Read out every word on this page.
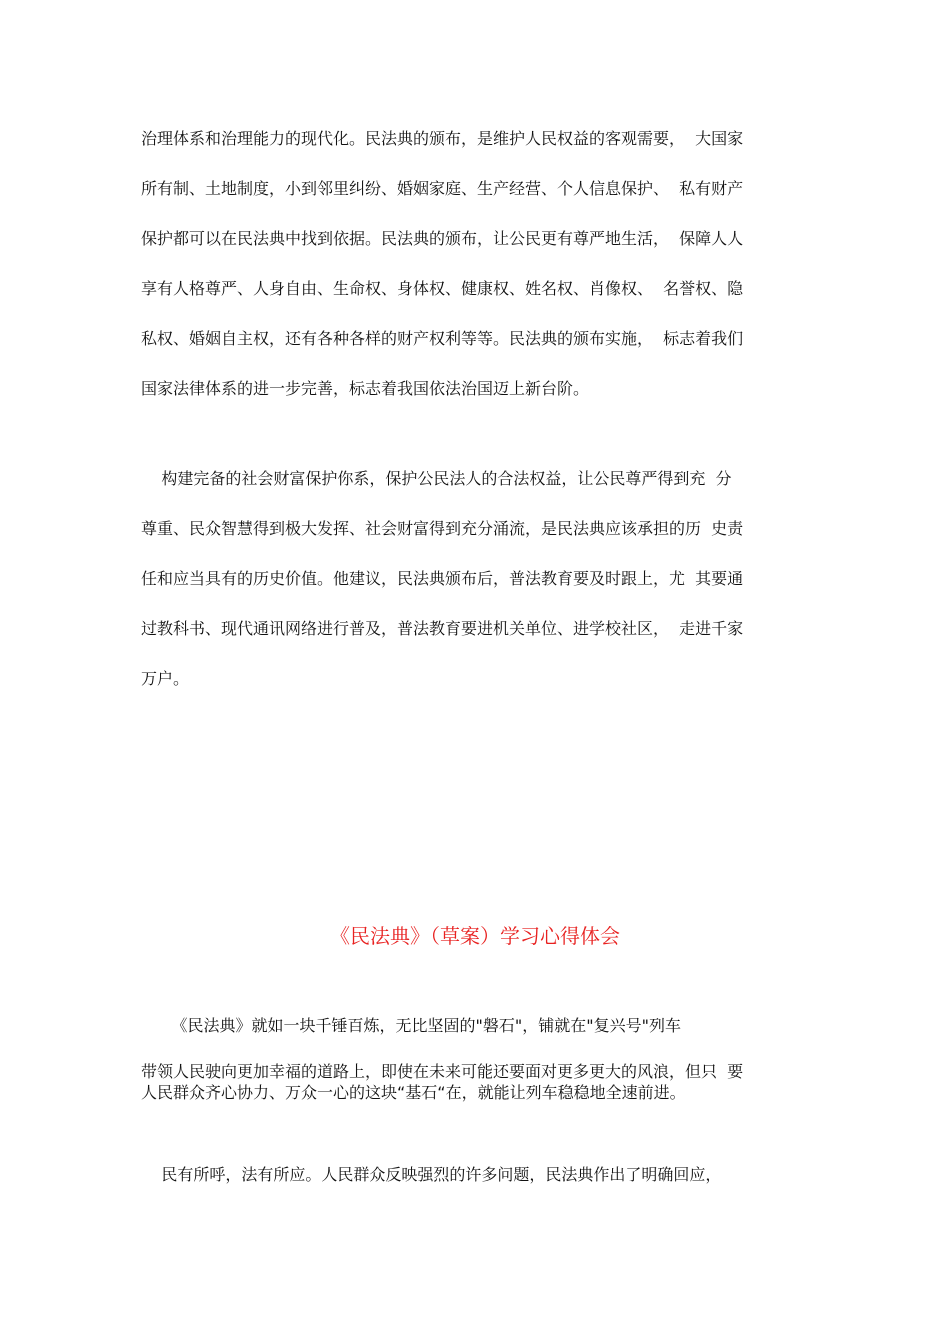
治理体系和治理能力的现代化。民法典的颁布，是维护人民权益的客观需要，  大国家
所有制、土地制度，小到邻里纠纷、婚姻家庭、生产经营、个人信息保护、  私有财产
保护都可以在民法典中找到依据。民法典的颁布，让公民更有尊严地生活，  保障人人
享有人格尊严、人身自由、生命权、身体权、健康权、姓名权、肖像权、  名誉权、隐
私权、婚姻自主权，还有各种各样的财产权利等等。民法典的颁布实施，  标志着我们
国家法律体系的进一步完善，标志着我国依法治国迈上新台阶。
构建完备的社会财富保护你系，保护公民法人的合法权益，让公民尊严得到充  分
尊重、民众智慧得到极大发挥、社会财富得到充分涌流，是民法典应该承担的历  史责
任和应当具有的历史价值。他建议，民法典颁布后，普法教育要及时跟上，尤  其要通
过教科书、现代通讯网络进行普及，普法教育要进机关单位、进学校社区，  走进千家
万户。
《民法典》（草案）学习心得体会
《民法典》就如一块千锤百炼，无比坚固的"磐石"，铺就在"复兴号"列车
带领人民驶向更加幸福的道路上，即使在未来可能还要面对更多更大的风浪，但只  要
人民群众齐心协力、万众一心的这块“基石“在，就能让列车稳稳地全速前进。
民有所呼，法有所应。人民群众反映强烈的许多问题，民法典作出了明确回应，
